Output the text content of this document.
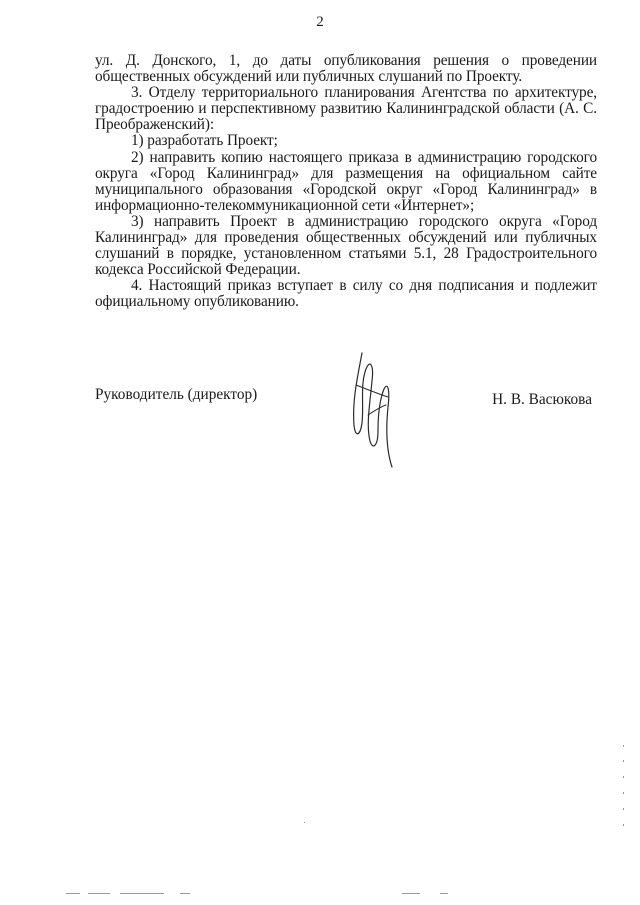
2

ул. Д. Донского, 1, до даты опубликования решения о проведении общественных обсуждений или публичных слушаний по Проекту.

3. Отделу территориального планирования Агентства по архитектуре, градостроению и перспективному развитию Калининградской области (А. С. Преображенский):

1) разработать Проект;

2) направить копию настоящего приказа в администрацию городского округа «Город Калининград» для размещения на официальном сайте муниципального образования «Городской округ «Город Калининград» в информационно-телекоммуникационной сети «Интернет»;

3) направить Проект в администрацию городского округа «Город Калининград» для проведения общественных обсуждений или публичных слушаний в порядке, установленном статьями 5.1, 28 Градостроительного кодекса Российской Федерации.

4. Настоящий приказ вступает в силу со дня подписания и подлежит официальному опубликованию.

Руководитель (директор)	Н. В. Васюкова
